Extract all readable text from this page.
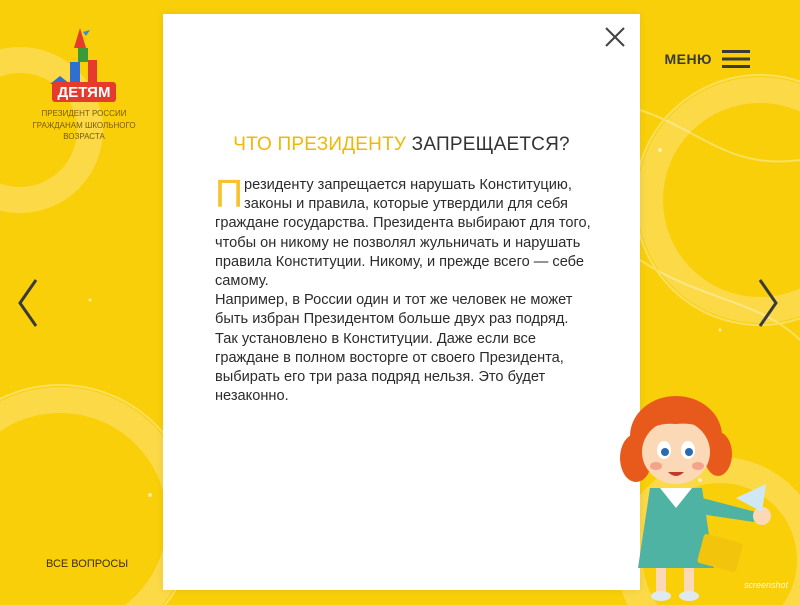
ДЕТЯМ
ПРЕЗИДЕНТ РОССИИ
ГРАЖДАНАМ ШКОЛЬНОГО
ВОЗРАСТА
МЕНЮ
ВСЕ ВОПРОСЫ
ЧТО ПРЕЗИДЕНТУ ЗАПРЕЩАЕТСЯ?
П резиденту запрещается нарушать Конституцию, законы и правила, которые утвердили для себя граждане государства. Президента выбирают для того, чтобы он никому не позволял жульничать и нарушать правила Конституции. Никому, и прежде всего — себе самому.

Например, в России один и тот же человек не может быть избран Президентом больше двух раз подряд. Так установлено в Конституции. Даже если все граждане в полном восторге от своего Президента, выбирать его три раза подряд нельзя. Это будет незаконно.

screenshot
